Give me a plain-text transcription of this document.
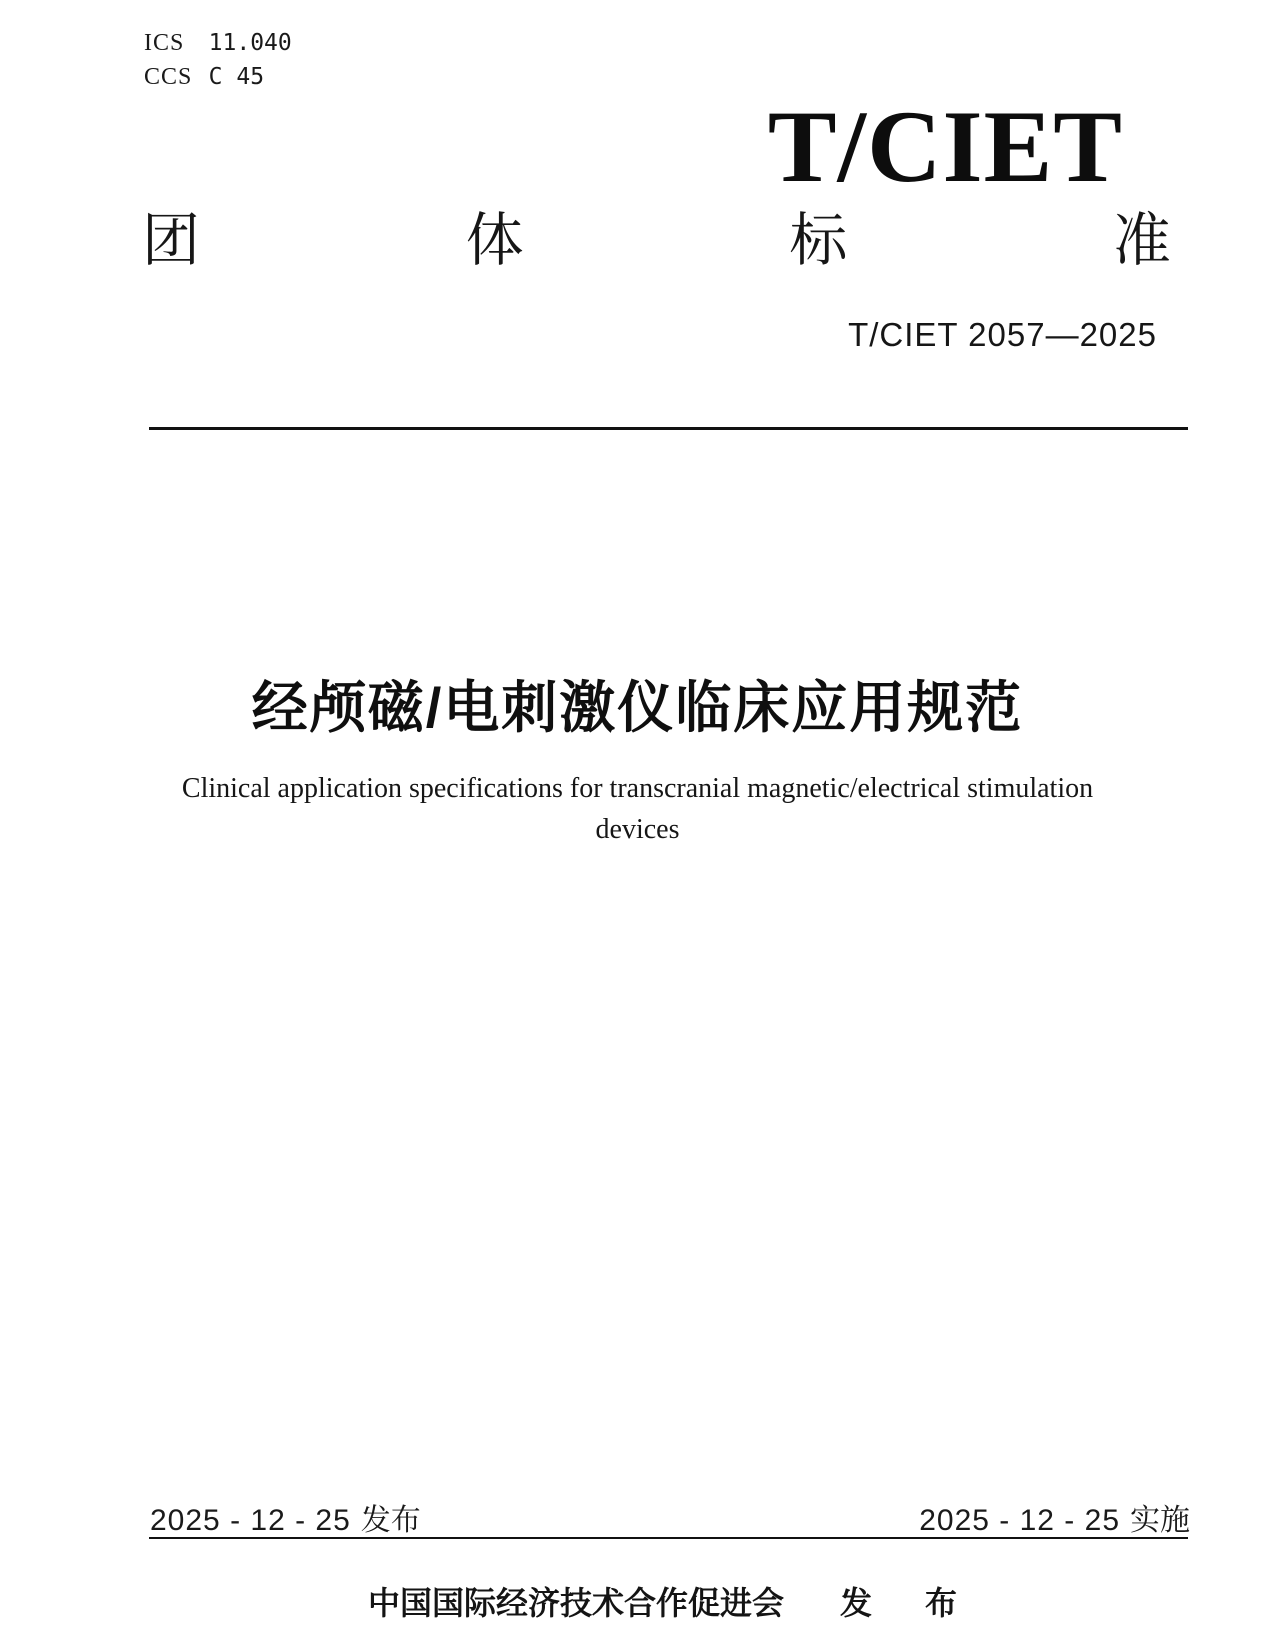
ICS 11.040
CCS C 45
T/CIET
团	体	标	准
T/CIET 2057—2025
经颅磁/电刺激仪临床应用规范
Clinical application specifications for transcranial magnetic/electrical stimulation
devices
2025 - 12 - 25 发布	2025 - 12 - 25 实施
中国国际经济技术合作促进会 发 布
